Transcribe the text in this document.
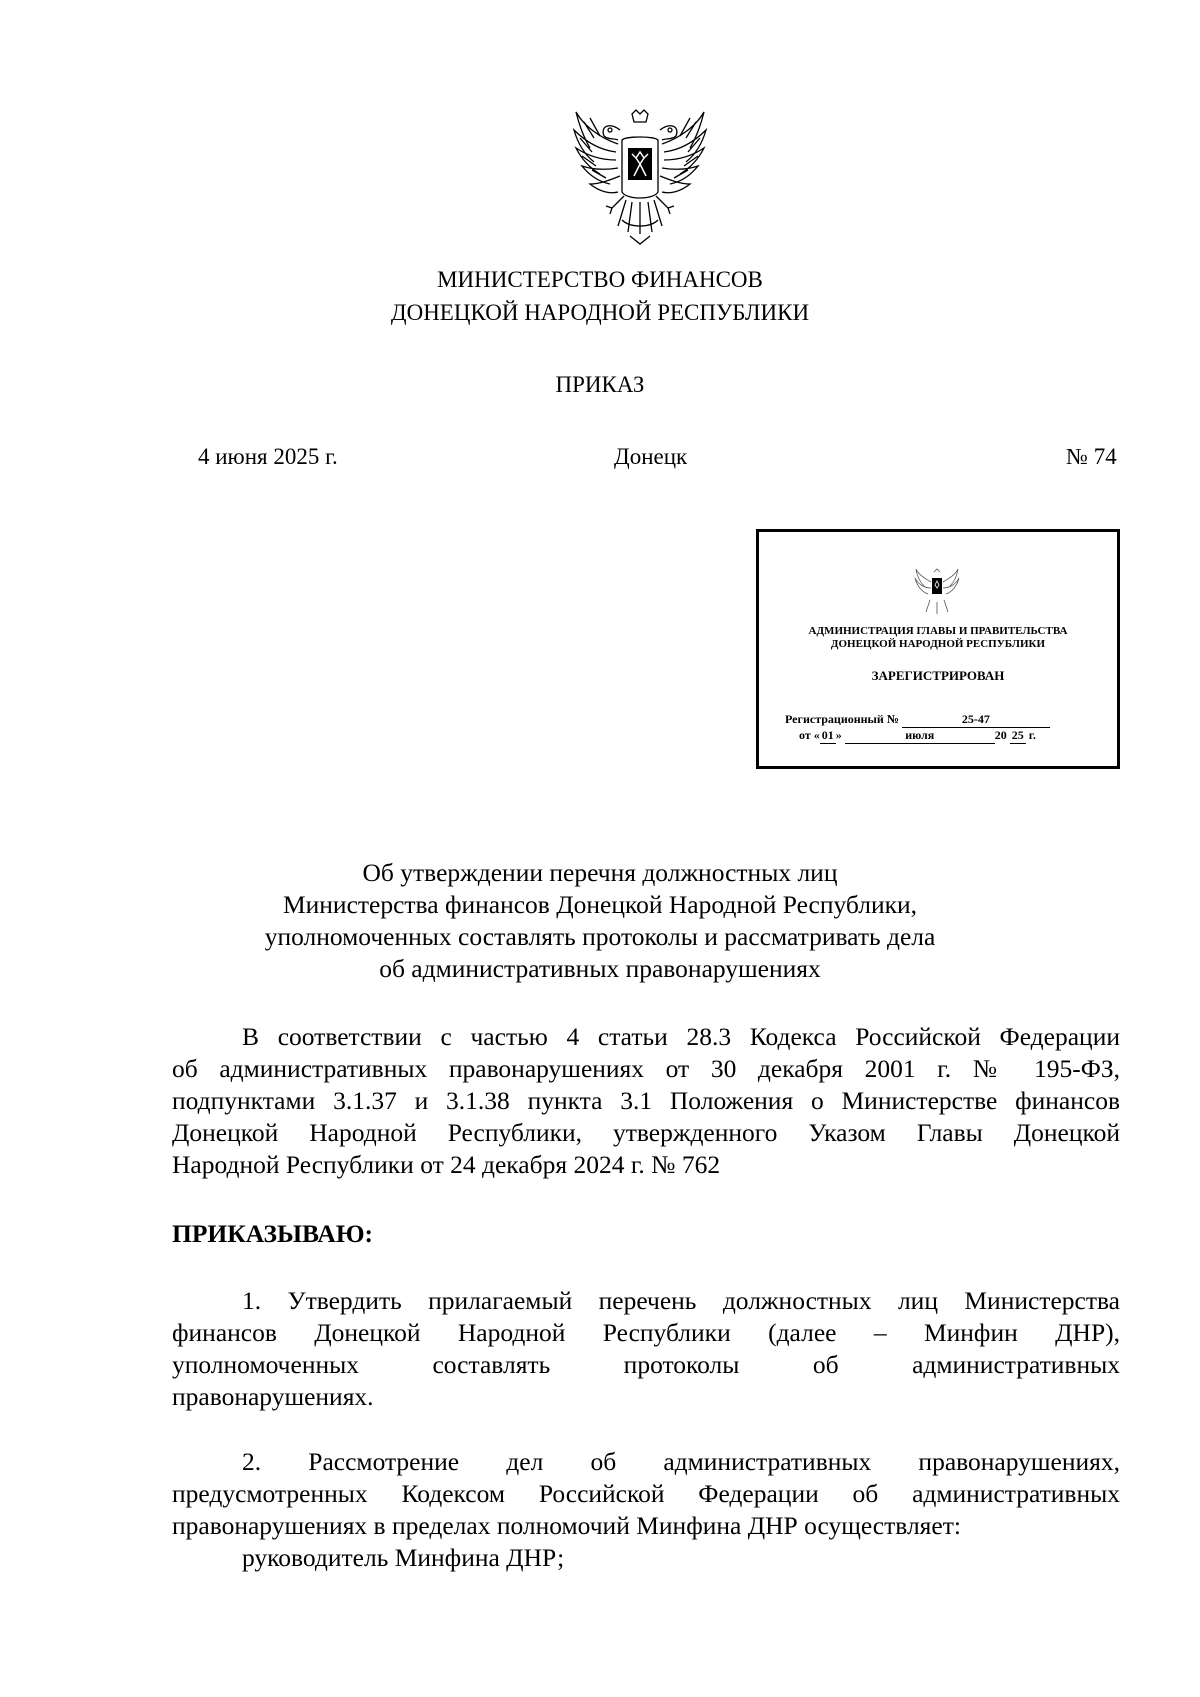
МИНИСТЕРСТВО ФИНАНСОВ
ДОНЕЦКОЙ НАРОДНОЙ РЕСПУБЛИКИ
ПРИКАЗ
4 июня 2025 г.	Донецк	№ 74
АДМИНИСТРАЦИЯ ГЛАВЫ И ПРАВИТЕЛЬСТВА
ДОНЕЦКОЙ НАРОДНОЙ РЕСПУБЛИКИ
ЗАРЕГИСТРИРОВАН
Регистрационный №	25-47
от « 01 »	июля	20 25 г.
Об утверждении перечня должностных лиц
Министерства финансов Донецкой Народной Республики,
уполномоченных составлять протоколы и рассматривать дела
об административных правонарушениях
В соответствии с частью 4 статьи 28.3 Кодекса Российской Федерации
об административных правонарушениях от 30 декабря 2001 г. № 195-ФЗ,
подпунктами 3.1.37 и 3.1.38 пункта 3.1 Положения о Министерстве финансов
Донецкой Народной Республики, утвержденного Указом Главы Донецкой
Народной Республики от 24 декабря 2024 г. № 762
ПРИКАЗЫВАЮ:
1. Утвердить прилагаемый перечень должностных лиц Министерства
финансов Донецкой Народной Республики (далее – Минфин ДНР),
уполномоченных составлять протоколы об административных
правонарушениях.
2. Рассмотрение дел об административных правонарушениях,
предусмотренных Кодексом Российской Федерации об административных
правонарушениях в пределах полномочий Минфина ДНР осуществляет:
руководитель Минфина ДНР;
